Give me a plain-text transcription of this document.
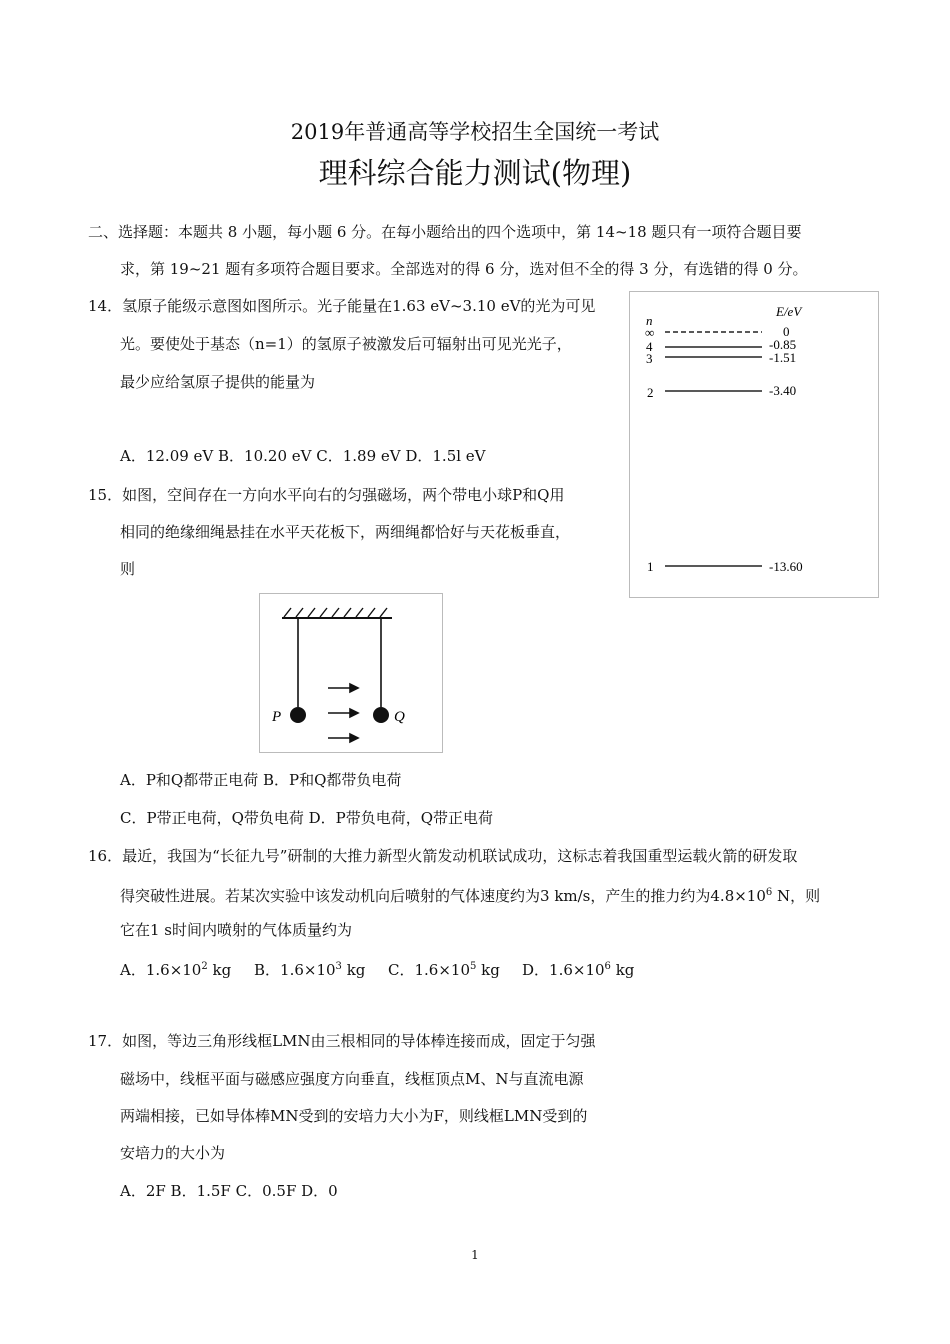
2019年普通高等学校招生全国统一考试
理科综合能力测试(物理)
二、选择题：本题共 8 小题，每小题 6 分。在每小题给出的四个选项中，第 14~18 题只有一项符合题目要
求，第 19~21 题有多项符合题目要求。全部选对的得 6 分，选对但不全的得 3 分，有选错的得 0 分。
14．氢原子能级示意图如图所示。光子能量在1.63 eV~3.10 eV的光为可见
光。要使处于基态（n=1）的氢原子被激发后可辐射出可见光光子，
最少应给氢原子提供的能量为
A．12.09 eV B．10.20 eV C．1.89 eV D．1.5l eV
n
E/eV
∞	0
4	-0.85
3	-1.51
2	-3.40
1	-13.60
15．如图，空间存在一方向水平向右的匀强磁场，两个带电小球P和Q用
相同的绝缘细绳悬挂在水平天花板下，两细绳都恰好与天花板垂直，
则
P	Q
A．P和Q都带正电荷 B．P和Q都带负电荷
C．P带正电荷，Q带负电荷 D．P带负电荷，Q带正电荷
16．最近，我国为“长征九号”研制的大推力新型火箭发动机联试成功，这标志着我国重型运载火箭的研发取
得突破性进展。若某次实验中该发动机向后喷射的气体速度约为3 km/s，产生的推力约为$4.8\times 10^6$ N，则
它在1 s时间内喷射的气体质量约为
A．$1.6\times 10^2$ kg B．$1.6\times 10^3$ kg C．$1.6\times 10^5$ kg D．$1.6\times 10^6$ kg
17．如图，等边三角形线框LMN由三根相同的导体棒连接而成，固定于匀强
磁场中，线框平面与磁感应强度方向垂直，线框顶点M、N与直流电源
两端相接，已如导体棒MN受到的安培力大小为F，则线框LMN受到的
安培力的大小为
A．2F B．1.5F C．0.5F D．0
1
